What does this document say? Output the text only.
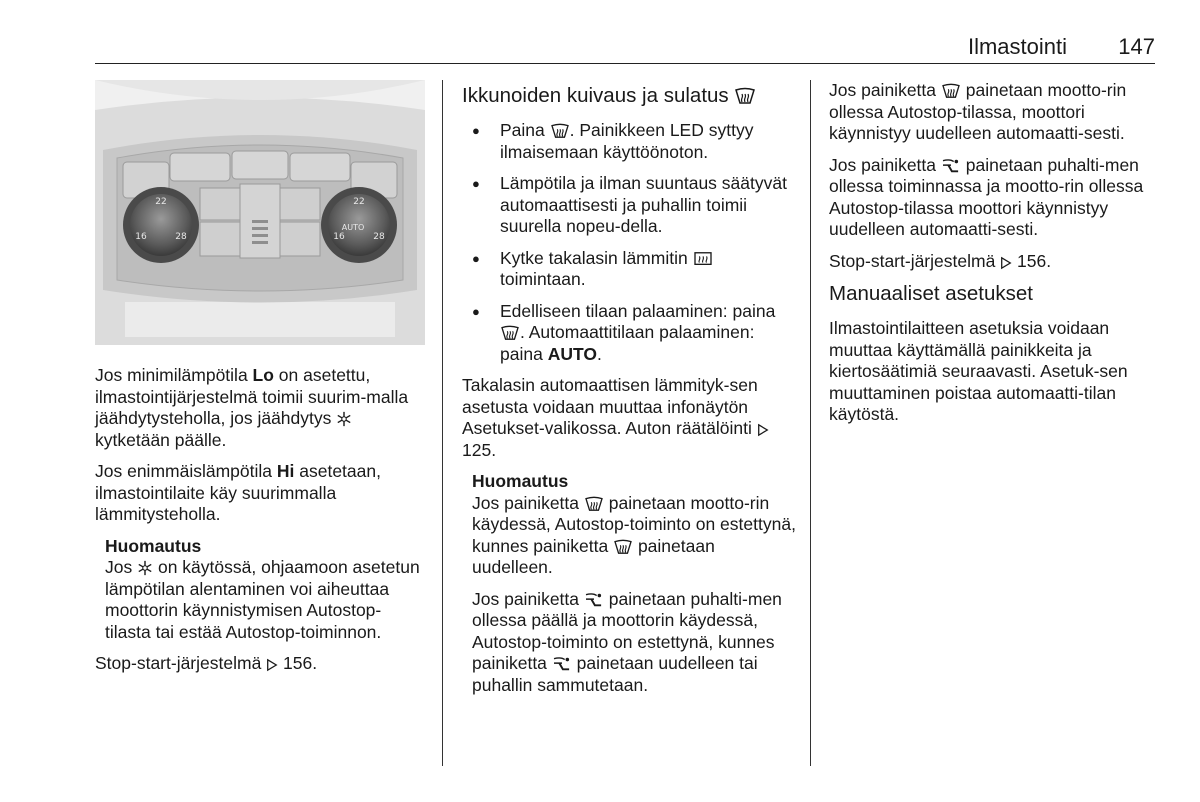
Ilmastointi 147
22
16	28
22
AUTO
16	28

Jos minimilämpötila Lo on asetettu, ilmastointijärjestelmä toimii suurim-malla jäähdytysteholla, jos jäähdytys  kytketään päälle.

Jos enimmäislämpötila Hi asetetaan, ilmastointilaite käy suurimmalla lämmitysteholla.

Huomautus

Jos  on käytössä, ohjaamoon asetetun lämpötilan alentaminen voi aiheuttaa moottorin käynnistymisen Autostop-tilasta tai estää Autostop-toiminnon.

Stop-start-järjestelmä  156.

Ikkunoiden kuivaus ja sulatus
● Paina . Painikkeen LED syttyy ilmaisemaan käyttöönoton.
● Lämpötila ja ilman suuntaus säätyvät automaattisesti ja puhallin toimii suurella nopeu-della.
● Kytke takalasin lämmitin  toimintaan.
● Edelliseen tilaan palaaminen: paina . Automaattitilaan palaaminen: paina AUTO.

Takalasin automaattisen lämmityk-sen asetusta voidaan muuttaa infonäytön Asetukset-valikossa. Auton räätälöinti  125.

Huomautus

Jos painiketta  painetaan mootto-rin käydessä, Autostop-toiminto on estettynä, kunnes painiketta  painetaan uudelleen.

Jos painiketta  painetaan puhalti-men ollessa päällä ja moottorin käydessä, Autostop-toiminto on estettynä, kunnes painiketta  painetaan uudelleen tai puhallin sammutetaan.

Jos painiketta  painetaan mootto-rin ollessa Autostop-tilassa, moottori käynnistyy uudelleen automaatti-sesti.

Jos painiketta  painetaan puhalti-men ollessa toiminnassa ja mootto-rin ollessa Autostop-tilassa moottori käynnistyy uudelleen automaatti-sesti.

Stop-start-järjestelmä  156.

Manuaaliset asetukset

Ilmastointilaitteen asetuksia voidaan muuttaa käyttämällä painikkeita ja kiertosäätimiä seuraavasti. Asetuk-sen muuttaminen poistaa automaatti-tilan käytöstä.
